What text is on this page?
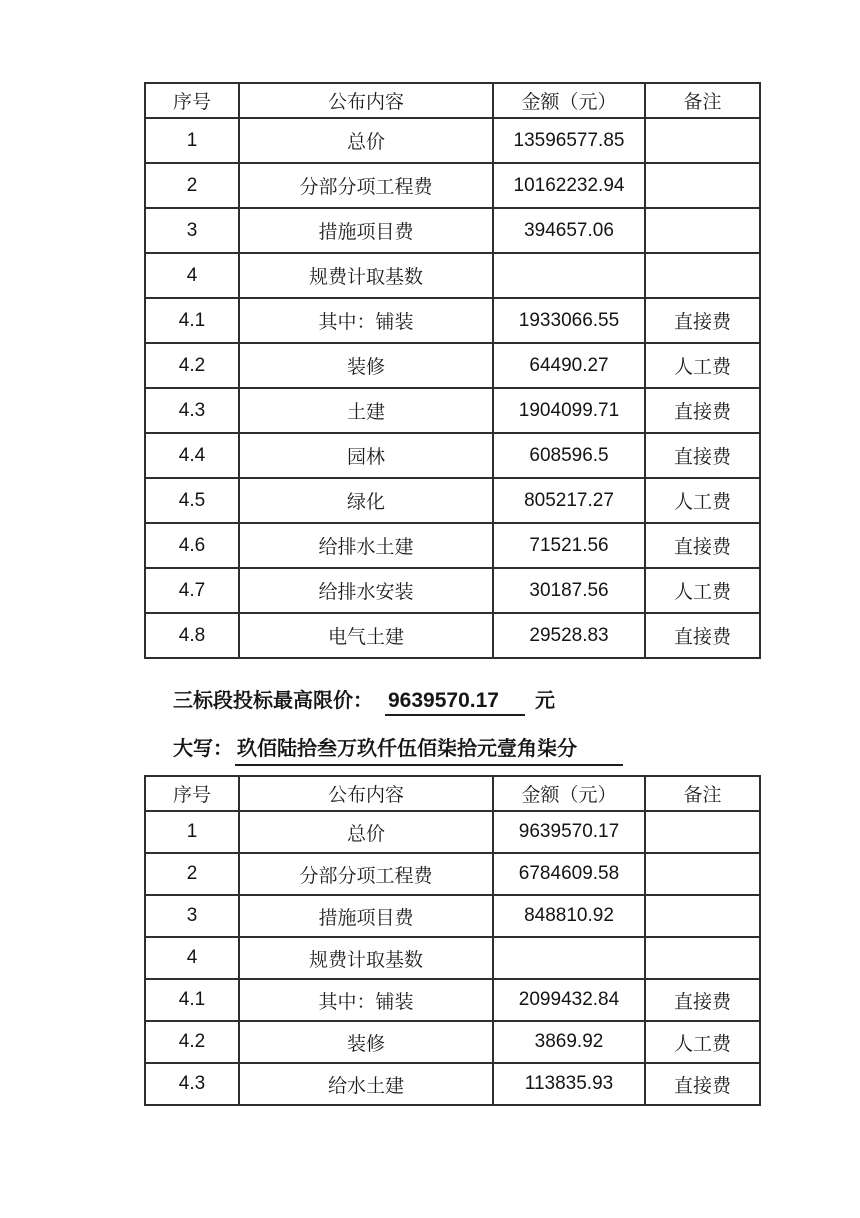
序号	公布内容	金额（元）	备注
1	总价	13596577.85	
2	分部分项工程费	10162232.94	
3	措施项目费	394657.06	
4	规费计取基数		
4.1	其中：铺装	1933066.55	直接费
4.2	装修	64490.27	人工费
4.3	土建	1904099.71	直接费
4.4	园林	608596.5	直接费
4.5	绿化	805217.27	人工费
4.6	给排水土建	71521.56	直接费
4.7	给排水安装	30187.56	人工费
4.8	电气土建	29528.83	直接费
三标段投标最高限价： 9639570.17 元
大写： 玖佰陆拾叁万玖仟伍佰柒拾元壹角柒分
序号	公布内容	金额（元）	备注
1	总价	9639570.17	
2	分部分项工程费	6784609.58	
3	措施项目费	848810.92	
4	规费计取基数		
4.1	其中：铺装	2099432.84	直接费
4.2	装修	3869.92	人工费
4.3	给水土建	113835.93	直接费
